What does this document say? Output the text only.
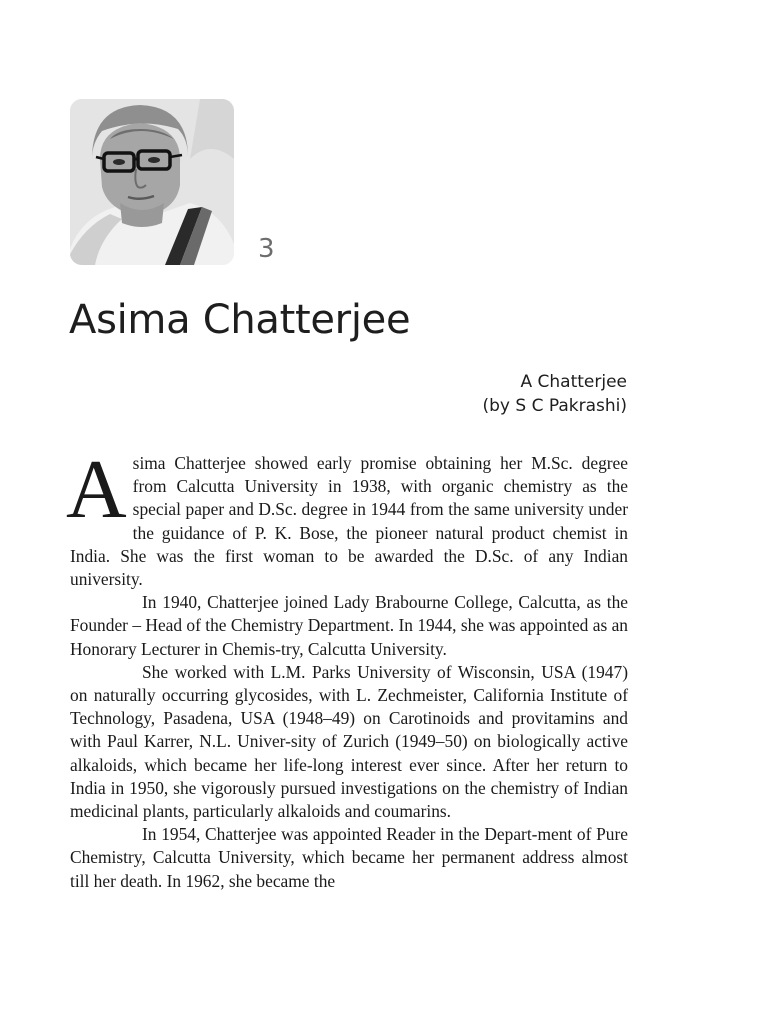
3
Asima Chatterjee
A Chatterjee
(by S C Pakrashi)

Asima Chatterjee showed early promise obtaining her M.Sc. degree from Calcutta University in 1938, with organic chemistry as the special paper and D.Sc. degree in 1944 from the same university under the guidance of P. K. Bose, the pioneer natural product chemist in India. She was the first woman to be awarded the D.Sc. of any Indian university.

In 1940, Chatterjee joined Lady Brabourne College, Calcutta, as the Founder – Head of the Chemistry Department. In 1944, she was appointed as an Honorary Lecturer in Chemis-try, Calcutta University.

She worked with L.M. Parks University of Wisconsin, USA (1947) on naturally occurring glycosides, with L. Zechmeister, California Institute of Technology, Pasadena, USA (1948–49) on Carotinoids and provitamins and with Paul Karrer, N.L. Univer-sity of Zurich (1949–50) on biologically active alkaloids, which became her life-long interest ever since. After her return to India in 1950, she vigorously pursued investigations on the chemistry of Indian medicinal plants, particularly alkaloids and coumarins.

In 1954, Chatterjee was appointed Reader in the Depart-ment of Pure Chemistry, Calcutta University, which became her permanent address almost till her death. In 1962, she became the
